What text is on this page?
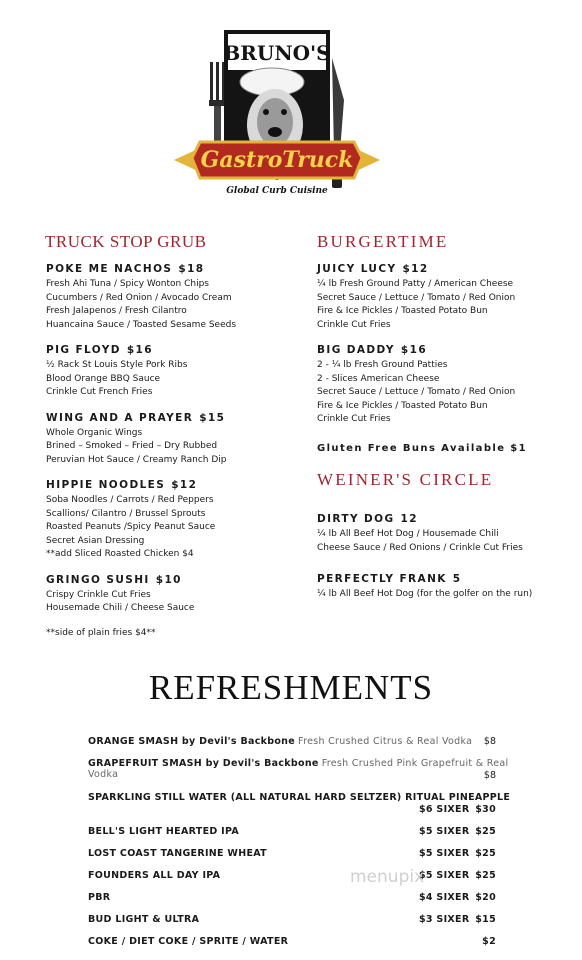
GastroTruck
BRUNO'S
Global Curb Cuisine
TRUCK STOP GRUB
POKE ME NACHOS $18
Fresh Ahi Tuna / Spicy Wonton Chips
Cucumbers / Red Onion / Avocado Cream
Fresh Jalapenos / Fresh Cilantro
Huancaina Sauce / Toasted Sesame Seeds
PIG FLOYD $16
½ Rack St Louis Style Pork Ribs
Blood Orange BBQ Sauce
Crinkle Cut French Fries
WING AND A PRAYER $15
Whole Organic Wings
Brined – Smoked – Fried – Dry Rubbed
Peruvian Hot Sauce / Creamy Ranch Dip
HIPPIE NOODLES $12
Soba Noodles / Carrots / Red Peppers
Scallions/ Cilantro / Brussel Sprouts
Roasted Peanuts /Spicy Peanut Sauce
Secret Asian Dressing
**add Sliced Roasted Chicken $4
GRINGO SUSHI $10
Crispy Crinkle Cut Fries
Housemade Chili / Cheese Sauce
**side of plain fries $4**
BURGERTIME
JUICY LUCY $12
¼ lb Fresh Ground Patty / American Cheese
Secret Sauce / Lettuce / Tomato / Red Onion
Fire & Ice Pickles / Toasted Potato Bun
Crinkle Cut Fries
BIG DADDY $16
2 - ¼ lb Fresh Ground Patties
2 - Slices American Cheese
Secret Sauce / Lettuce / Tomato / Red Onion
Fire & Ice Pickles / Toasted Potato Bun
Crinkle Cut Fries
Gluten Free Buns Available $1
WEINER'S CIRCLE
DIRTY DOG 12
¼ lb All Beef Hot Dog / Housemade Chili
Cheese Sauce / Red Onions / Crinkle Cut Fries
PERFECTLY FRANK 5
¼ lb All Beef Hot Dog (for the golfer on the run)
REFRESHMENTS
ORANGE SMASH by Devil's Backbone Fresh Crushed Citrus & Real Vodka $8
GRAPEFRUIT SMASH by Devil's Backbone Fresh Crushed Pink Grapefruit & Real
Vodka	$8
SPARKLING STILL WATER (ALL NATURAL HARD SELTZER) RITUAL PINEAPPLE
$6 SIXER $30
BELL'S LIGHT HEARTED IPA	$5 SIXER $25
LOST COAST TANGERINE WHEAT	$5 SIXER $25
FOUNDERS ALL DAY IPA	$5 SIXER $25
PBR	$4 SIXER $20
BUD LIGHT & ULTRA	$3 SIXER $15
COKE / DIET COKE / SPRITE / WATER	$2
menupix
